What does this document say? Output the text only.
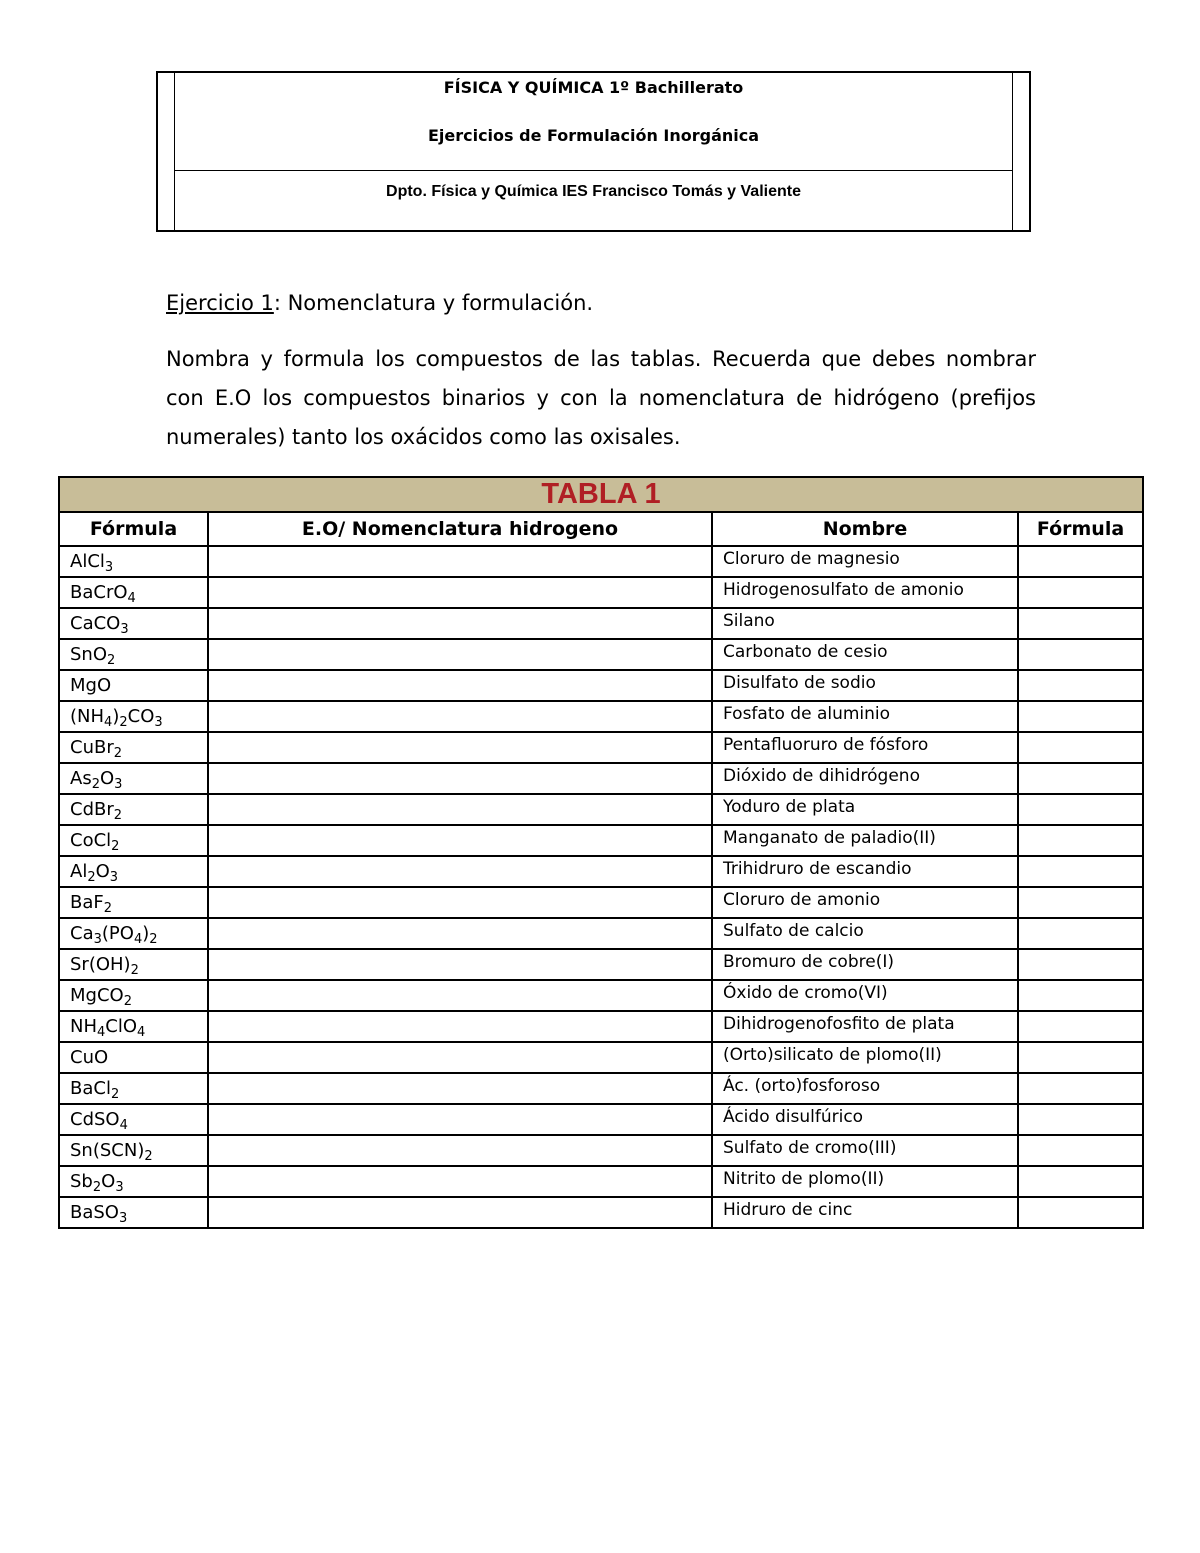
FÍSICA Y QUÍMICA 1º Bachillerato
Ejercicios de Formulación Inorgánica
Dpto. Física y Química IES Francisco Tomás y Valiente

Ejercicio 1: Nomenclatura y formulación.

Nombra y formula los compuestos de las tablas. Recuerda que debes nombrar con E.O los compuestos binarios y con la nomenclatura de hidrógeno (prefijos numerales) tanto los oxácidos como las oxisales.

TABLA 1			
Fórmula	E.O/ Nomenclatura hidrogeno	Nombre	Fórmula
AlCl$_3$		Cloruro de magnesio	
BaCrO$_4$		Hidrogenosulfato de amonio	
CaCO$_3$		Silano	
SnO$_2$		Carbonato de cesio	
MgO		Disulfato de sodio	
$(NH_4)_2CO_3$		Fosfato de aluminio	
CuBr$_2$		Pentafluoruro de fósforo	
$As_2O_3$		Dióxido de dihidrógeno	
CdBr$_2$		Yoduro de plata	
CoCl$_2$		Manganato de paladio(II)	
$Al_2O_3$		Trihidruro de escandio	
BaF$_2$		Cloruro de amonio	
$Ca_3(PO_4)_2$		Sulfato de calcio	
$Sr(OH)_2$		Bromuro de cobre(I)	
MgCO$_2$		Óxido de cromo(VI)	
$NH_4ClO_4$		Dihidrogenofosfito de plata	
CuO		(Orto)silicato de plomo(II)	
BaCl$_2$		Ác. (orto)fosforoso	
CdSO$_4$		Ácido disulfúrico	
$Sn(SCN)_2$		Sulfato de cromo(III)	
$Sb_2O_3$		Nitrito de plomo(II)	
BaSO$_3$		Hidruro de cinc	
